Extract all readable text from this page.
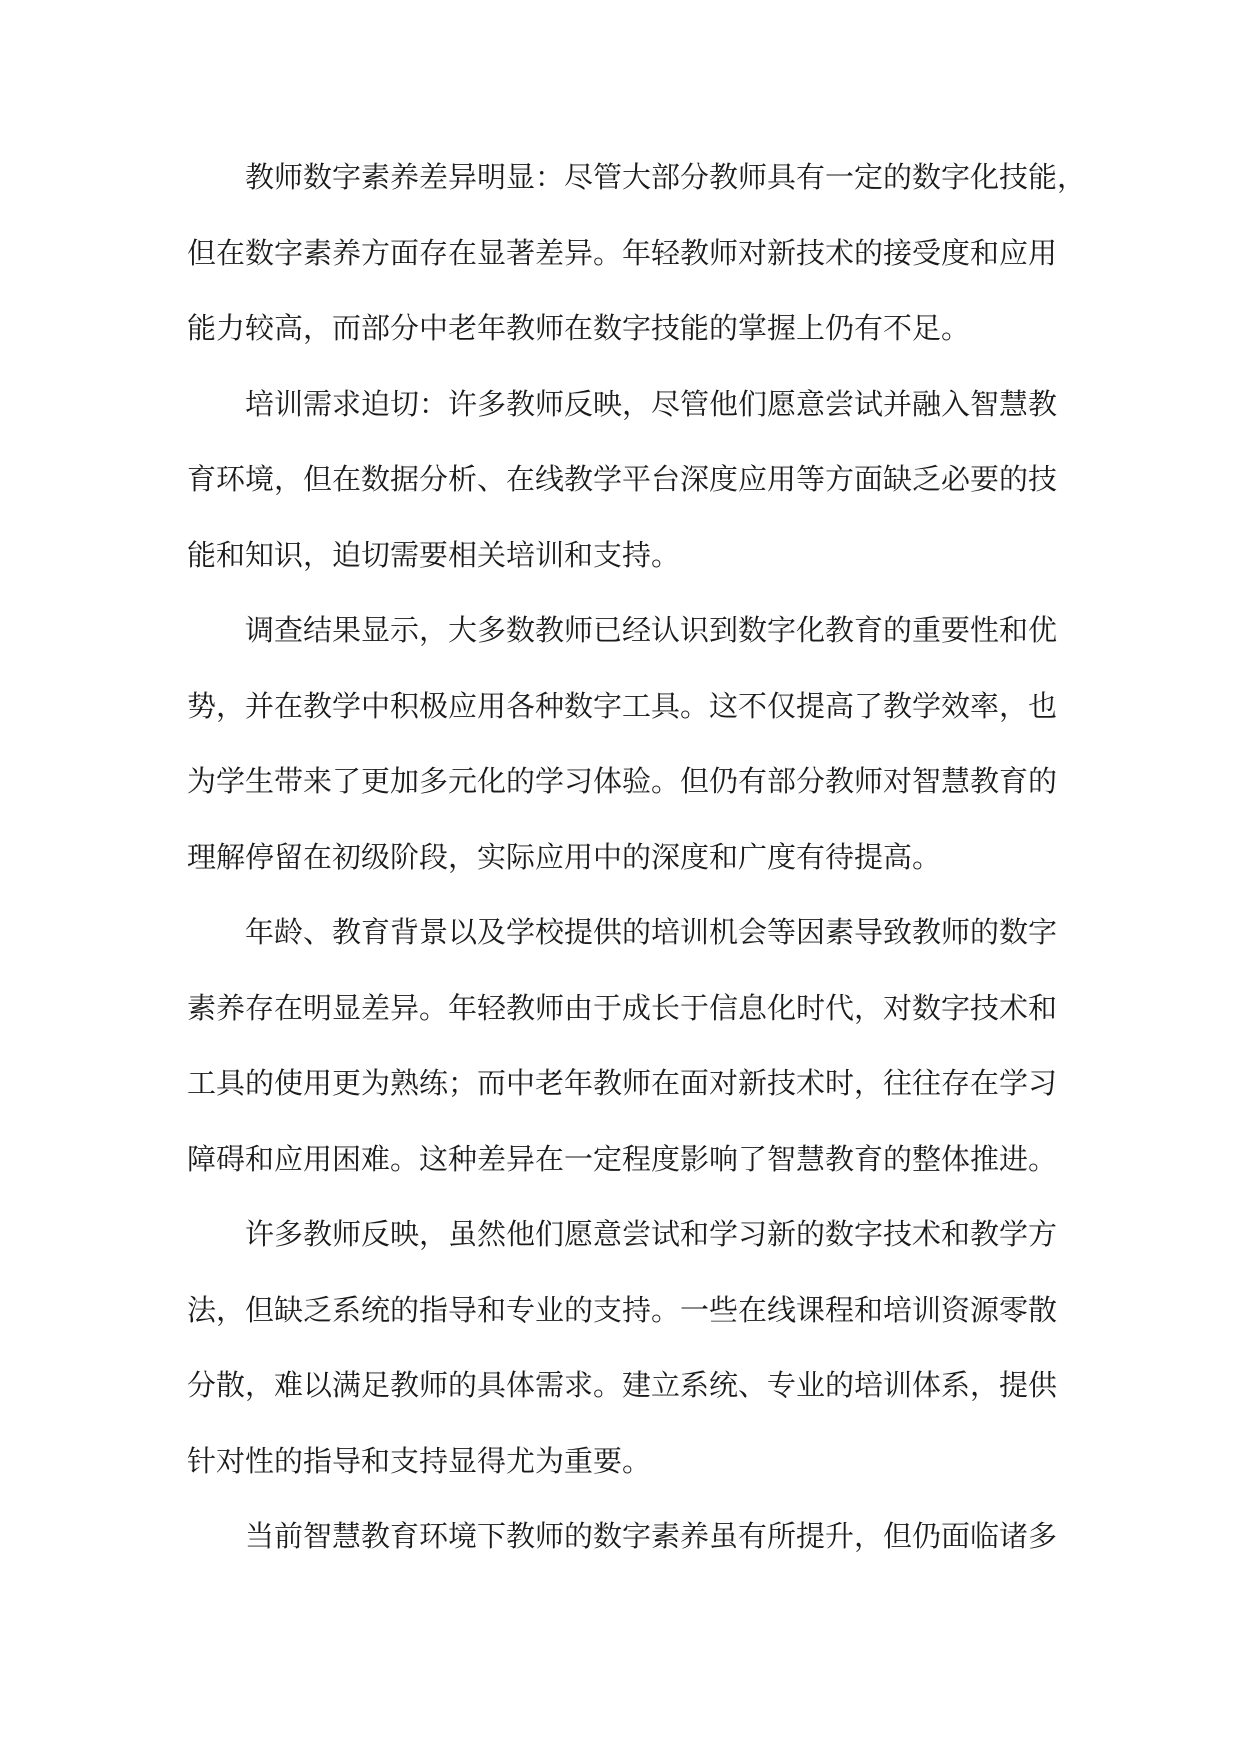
教师数字素养差异明显：尽管大部分教师具有一定的数字化技能，
但在数字素养方面存在显著差异。年轻教师对新技术的接受度和应用
能力较高，而部分中老年教师在数字技能的掌握上仍有不足。
培训需求迫切：许多教师反映，尽管他们愿意尝试并融入智慧教
育环境，但在数据分析、在线教学平台深度应用等方面缺乏必要的技
能和知识，迫切需要相关培训和支持。
调查结果显示，大多数教师已经认识到数字化教育的重要性和优
势，并在教学中积极应用各种数字工具。这不仅提高了教学效率，也
为学生带来了更加多元化的学习体验。但仍有部分教师对智慧教育的
理解停留在初级阶段，实际应用中的深度和广度有待提高。
年龄、教育背景以及学校提供的培训机会等因素导致教师的数字
素养存在明显差异。年轻教师由于成长于信息化时代，对数字技术和
工具的使用更为熟练；而中老年教师在面对新技术时，往往存在学习
障碍和应用困难。这种差异在一定程度影响了智慧教育的整体推进。
许多教师反映，虽然他们愿意尝试和学习新的数字技术和教学方
法，但缺乏系统的指导和专业的支持。一些在线课程和培训资源零散
分散，难以满足教师的具体需求。建立系统、专业的培训体系，提供
针对性的指导和支持显得尤为重要。
当前智慧教育环境下教师的数字素养虽有所提升，但仍面临诸多
